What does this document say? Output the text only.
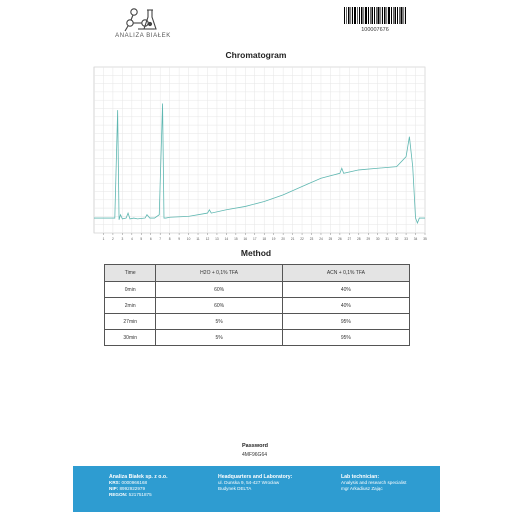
ANALIZA BIAŁEK
100007676
Chromatogram
1 2 3 4 5 6 7 8 9 10 11 12 13 14 15 16 17 18 19 20 21 22 23 24 25 26 27 28 29 30 31 32 33 34 35
Method
Time	H2O + 0,1% TFA	ACN + 0,1% TFA
0min	60%	40%
2min	60%	40%
27min	5%	95%
30min	5%	95%
Password
4MF96G64
Analiza Białek sp. z o.o.
KRS: 0000966168
NIP: 8992922979
REGON: 521751875
Headquarters and Laboratory:
ul. Dunska 9, 54-427 Wrocław
Budynek DELTA
Lab technician:
Analysis and research specialist
mgr Arkadiusz Zając
